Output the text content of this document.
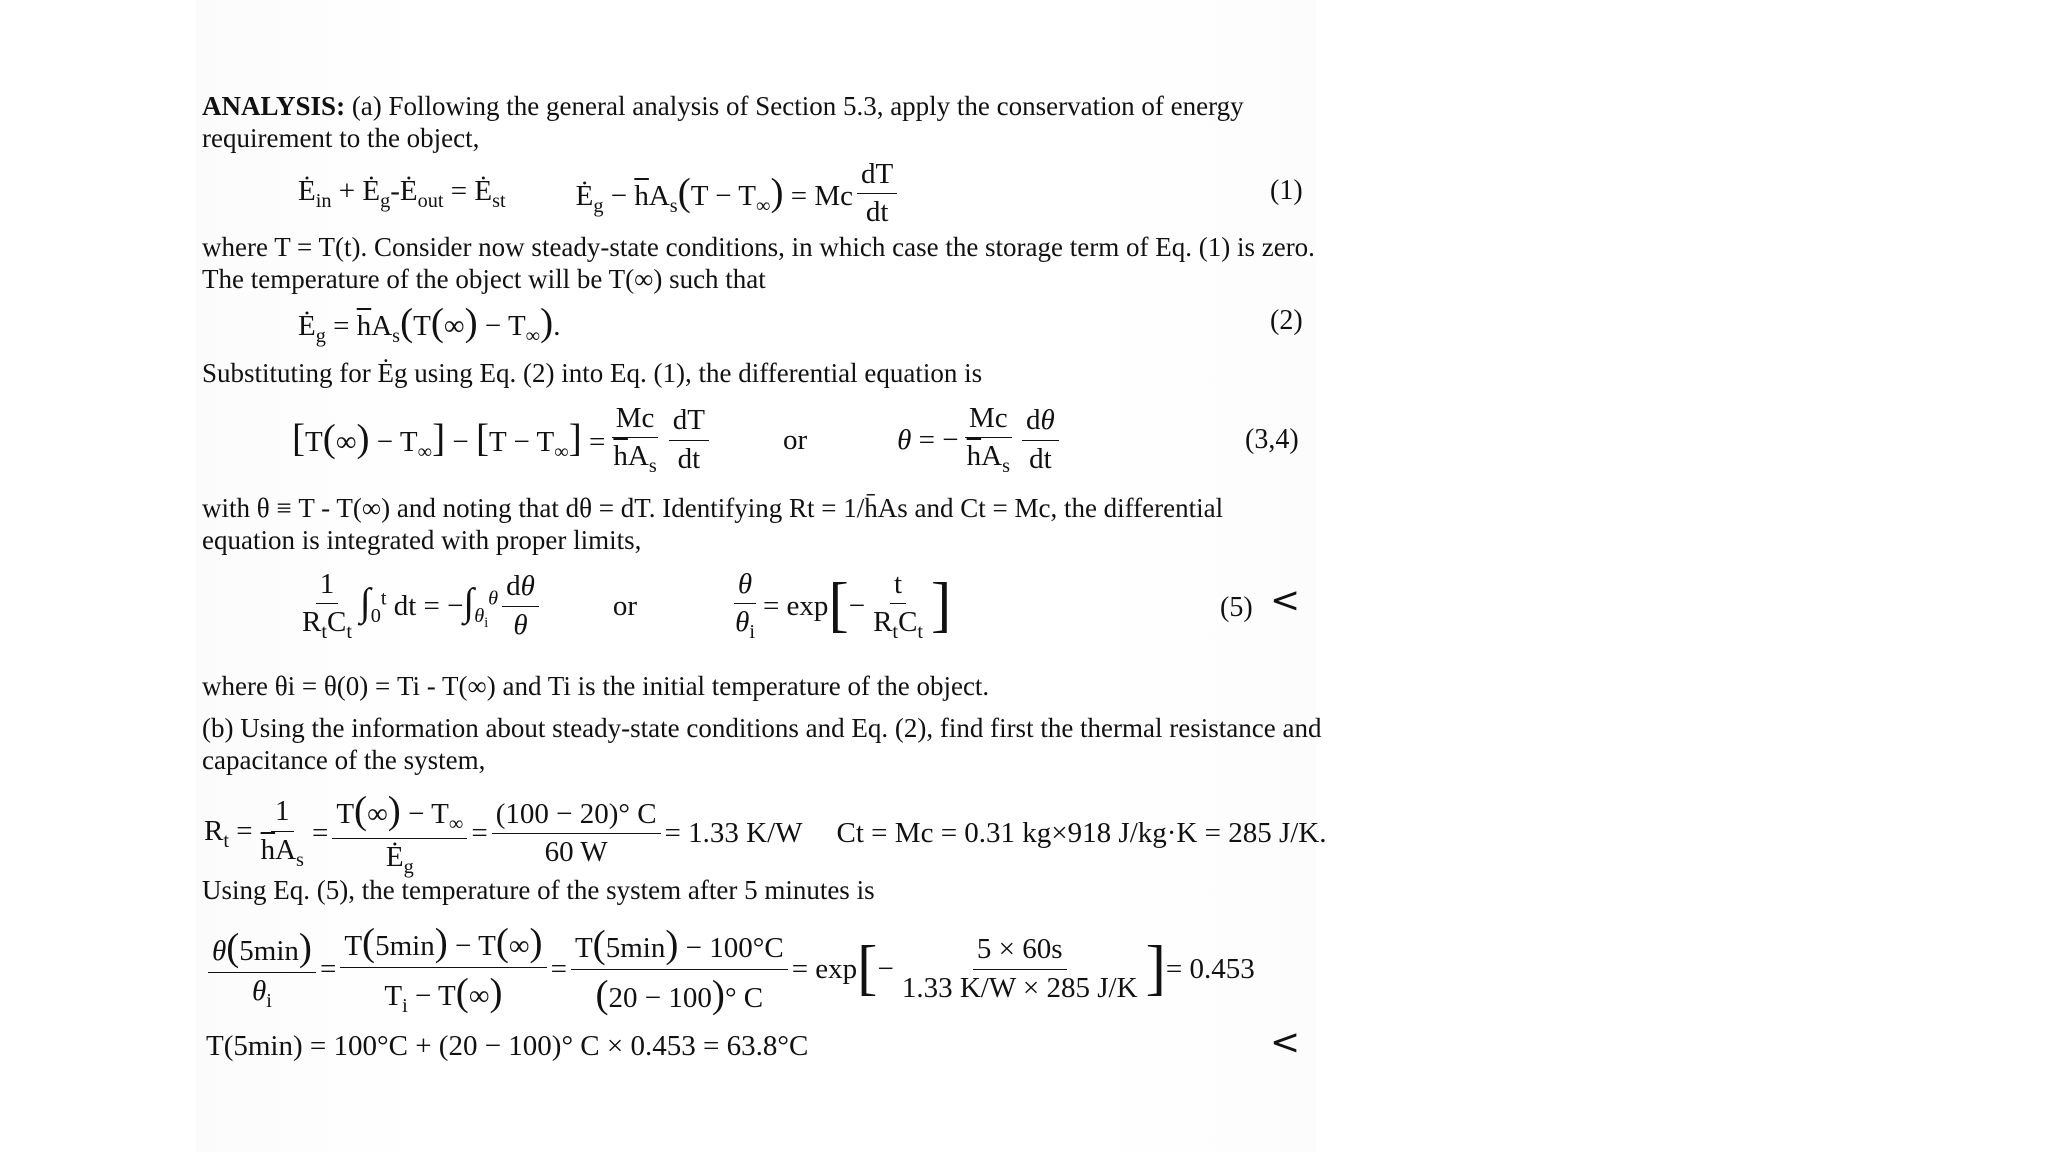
ANALYSIS: (a) Following the general analysis of Section 5.3, apply the conservation of energy requirement to the object,
$Ė_{in}$ + $Ė_g-Ė_{out}$ = $Ė_{st}$ $Ė_g - \overline{h}A_s(T - T_\infty) = Mc \frac{dT}{dt}$	(1)
where T = T(t). Consider now steady-state conditions, in which case the storage term of Eq. (1) is zero. The temperature of the object will be T(∞) such that
$Ė_g = \overline{h}A_s(T(\infty) - T_\infty)$.	(2)
Substituting for Ėg using Eq. (2) into Eq. (1), the differential equation is
$[T(\infty) - T_\infty] - [T - T_\infty] = \frac{Mc}{\overline{h}A_s} \frac{dT}{dt}$	or	θ = − $\frac{Mc}{\overline{h}A_s} \frac{d\theta}{dt}$	(3,4)
with θ ≡ T - T(∞) and noting that dθ = dT. Identifying Rt = 1/h̄As and Ct = Mc, the differential equation is integrated with proper limits,
$\frac{1}{R_tC_t} \int_0^t$ dt = $-\int_{\theta_i}^\theta \frac{d\theta}{\theta}$	or	$\frac{\theta}{\theta_i} = \exp$ [ − $\frac{t}{R_tC_t}$ ]	(5) <
where θi = θ(0) = Ti - T(∞) and Ti is the initial temperature of the object.
(b) Using the information about steady-state conditions and Eq. (2), find first the thermal resistance and capacitance of the system,
$R_t = \frac{1}{\overline{h}A_s} = \frac{T(\infty) - T_\infty}{Ė_g} = \frac{(100 - 20)^\circ C}{60 W} = 1.33$ K/W Ct = Mc = 0.31 kg×918 J/kg·K = 285 J/K.
Using Eq. (5), the temperature of the system after 5 minutes is
$\frac{\theta(5\min)}{\theta_i} = \frac{T(5\min) - T(\infty)}{T_i - T(\infty)} = \frac{T(5\min) - 100^\circ C}{(20 - 100)^\circ C} = \exp$ [ − $\frac{5 \times 60s}{1.33 K/W \times 285 J/K}$ ] = 0.453
T(5min) = 100°C + (20 − 100)° C × 0.453 = 63.8°C	<
